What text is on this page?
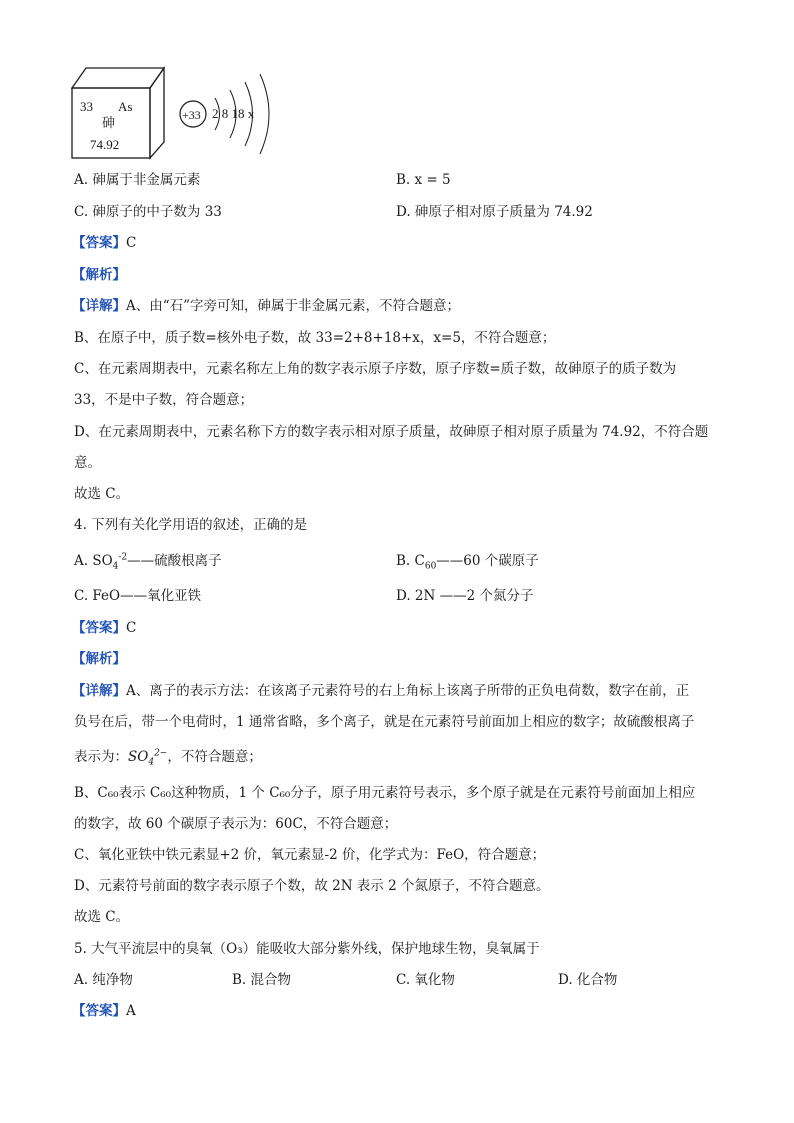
33 As
砷
74.92
+33 2 8 18 x
A. 砷属于非金属元素	B. x = 5
C. 砷原子的中子数为 33	D. 砷原子相对原子质量为 74.92
【答案】C
【解析】
【详解】A、由“石”字旁可知，砷属于非金属元素，不符合题意；
B、在原子中，质子数=核外电子数，故 33=2+8+18+x，x=5，不符合题意；
C、在元素周期表中，元素名称左上角的数字表示原子序数，原子序数=质子数，故砷原子的质子数为
33，不是中子数，符合题意；
D、在元素周期表中，元素名称下方的数字表示相对原子质量，故砷原子相对原子质量为 74.92，不符合题
意。
故选 C。
4. 下列有关化学用语的叙述，正确的是
A. $SO_4^{-2}——$硫酸根离子	B. $C_{60}——60$ 个碳原子
C. FeO——氧化亚铁	D. 2N ——2 个氮分子
【答案】C
【解析】
【详解】A、离子的表示方法：在该离子元素符号的右上角标上该离子所带的正负电荷数，数字在前，正
负号在后，带一个电荷时，1 通常省略，多个离子，就是在元素符号前面加上相应的数字；故硫酸根离子
表示为：$SO_4^{2-}$，不符合题意；
B、C₆₀表示 C₆₀这种物质，1 个 C₆₀分子，原子用元素符号表示，多个原子就是在元素符号前面加上相应
的数字，故 60 个碳原子表示为：60C，不符合题意；
C、氧化亚铁中铁元素显+2 价，氧元素显-2 价，化学式为：FeO，符合题意；
D、元素符号前面的数字表示原子个数，故 2N 表示 2 个氮原子，不符合题意。
故选 C。
5. 大气平流层中的臭氧（O₃）能吸收大部分紫外线，保护地球生物，臭氧属于
A. 纯净物	B. 混合物	C. 氧化物	D. 化合物
【答案】A
